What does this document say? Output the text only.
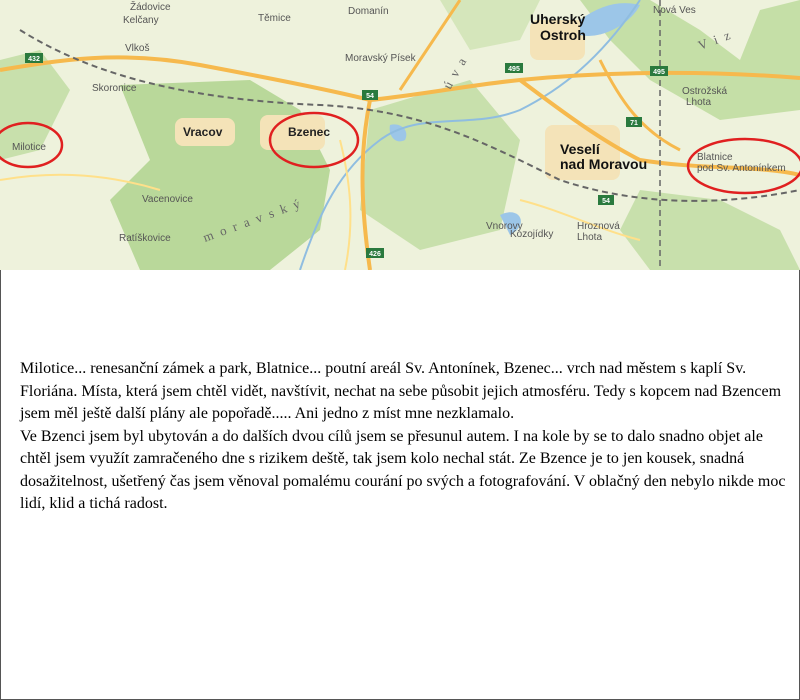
432
54
495	495
71
54
426
Žádovice	Domanín
Kelčany	Těmice
Vlkoš
Moravský Písek
Skoronice
Milotice
Vracov	Bzenec
Vacenovice
Ratíškovice
Uherský
Ostroh
Veselí
nad Moravou	Blatnice
pod Sv. Antonínkem
Vnorovy
Kozojídky
Hroznová
Lhota
Ostrožská
Lhota
Nová Ves
m o r a v s k ý
ú v a
V i z

Milotice... renesanční zámek a park, Blatnice... poutní areál Sv. Antonínek, Bzenec... vrch nad městem s kaplí Sv. Floriána. Místa, která jsem chtěl vidět, navštívit, nechat na sebe působit jejich atmosféru. Tedy s kopcem nad Bzencem jsem měl ještě další plány ale popořadě..... Ani jedno z míst mne nezklamalo.

Ve Bzenci jsem byl ubytován a do dalších dvou cílů jsem se přesunul autem. I na kole by se to dalo snadno objet ale chtěl jsem využít zamračeného dne s rizikem deště, tak jsem kolo nechal stát. Ze Bzence je to jen kousek, snadná dosažitelnost, ušetřený čas jsem věnoval pomalému courání po svých a fotografování. V oblačný den nebylo nikde moc lidí, klid a tichá radost.
